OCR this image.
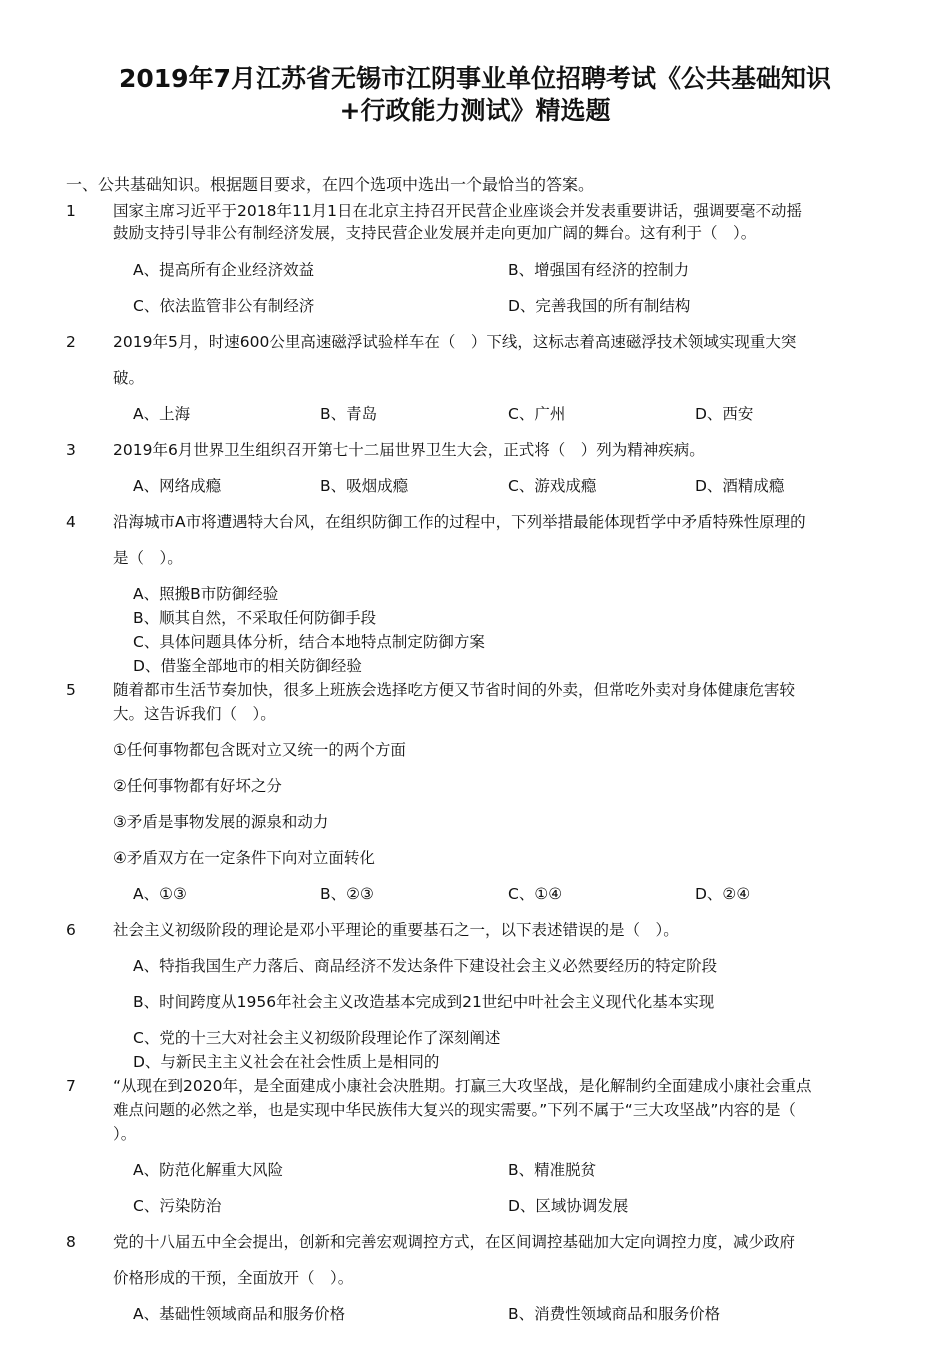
2019年7月江苏省无锡市江阴事业单位招聘考试《公共基础知识
+行政能力测试》精选题
一、公共基础知识。根据题目要求，在四个选项中选出一个最恰当的答案。
1 国家主席习近平于2018年11月1日在北京主持召开民营企业座谈会并发表重要讲话，强调要毫不动摇
鼓励支持引导非公有制经济发展，支持民营企业发展并走向更加广阔的舞台。这有利于（　）。
A、提高所有企业经济效益	B、增强国有经济的控制力
C、依法监管非公有制经济	D、完善我国的所有制结构
2 2019年5月，时速600公里高速磁浮试验样车在（　）下线，这标志着高速磁浮技术领域实现重大突
破。
A、上海	B、青岛	C、广州	D、西安
3 2019年6月世界卫生组织召开第七十二届世界卫生大会，正式将（　）列为精神疾病。
A、网络成瘾	B、吸烟成瘾	C、游戏成瘾	D、酒精成瘾
4 沿海城市A市将遭遇特大台风，在组织防御工作的过程中，下列举措最能体现哲学中矛盾特殊性原理的
是（　）。
A、照搬B市防御经验
B、顺其自然，不采取任何防御手段
C、具体问题具体分析，结合本地特点制定防御方案
D、借鉴全部地市的相关防御经验
5 随着都市生活节奏加快，很多上班族会选择吃方便又节省时间的外卖，但常吃外卖对身体健康危害较
大。这告诉我们（　）。
①任何事物都包含既对立又统一的两个方面
②任何事物都有好坏之分
③矛盾是事物发展的源泉和动力
④矛盾双方在一定条件下向对立面转化
A、①③	B、②③	C、①④	D、②④
6 社会主义初级阶段的理论是邓小平理论的重要基石之一，以下表述错误的是（　）。
A、特指我国生产力落后、商品经济不发达条件下建设社会主义必然要经历的特定阶段
B、时间跨度从1956年社会主义改造基本完成到21世纪中叶社会主义现代化基本实现
C、党的十三大对社会主义初级阶段理论作了深刻阐述
D、与新民主主义社会在社会性质上是相同的
7 “从现在到2020年，是全面建成小康社会决胜期。打赢三大攻坚战，是化解制约全面建成小康社会重点
难点问题的必然之举，也是实现中华民族伟大复兴的现实需要。”下列不属于“三大攻坚战”内容的是（
）。
A、防范化解重大风险	B、精准脱贫
C、污染防治	D、区域协调发展
8 党的十八届五中全会提出，创新和完善宏观调控方式，在区间调控基础加大定向调控力度，减少政府
价格形成的干预，全面放开（　）。
A、基础性领域商品和服务价格	B、消费性领域商品和服务价格
